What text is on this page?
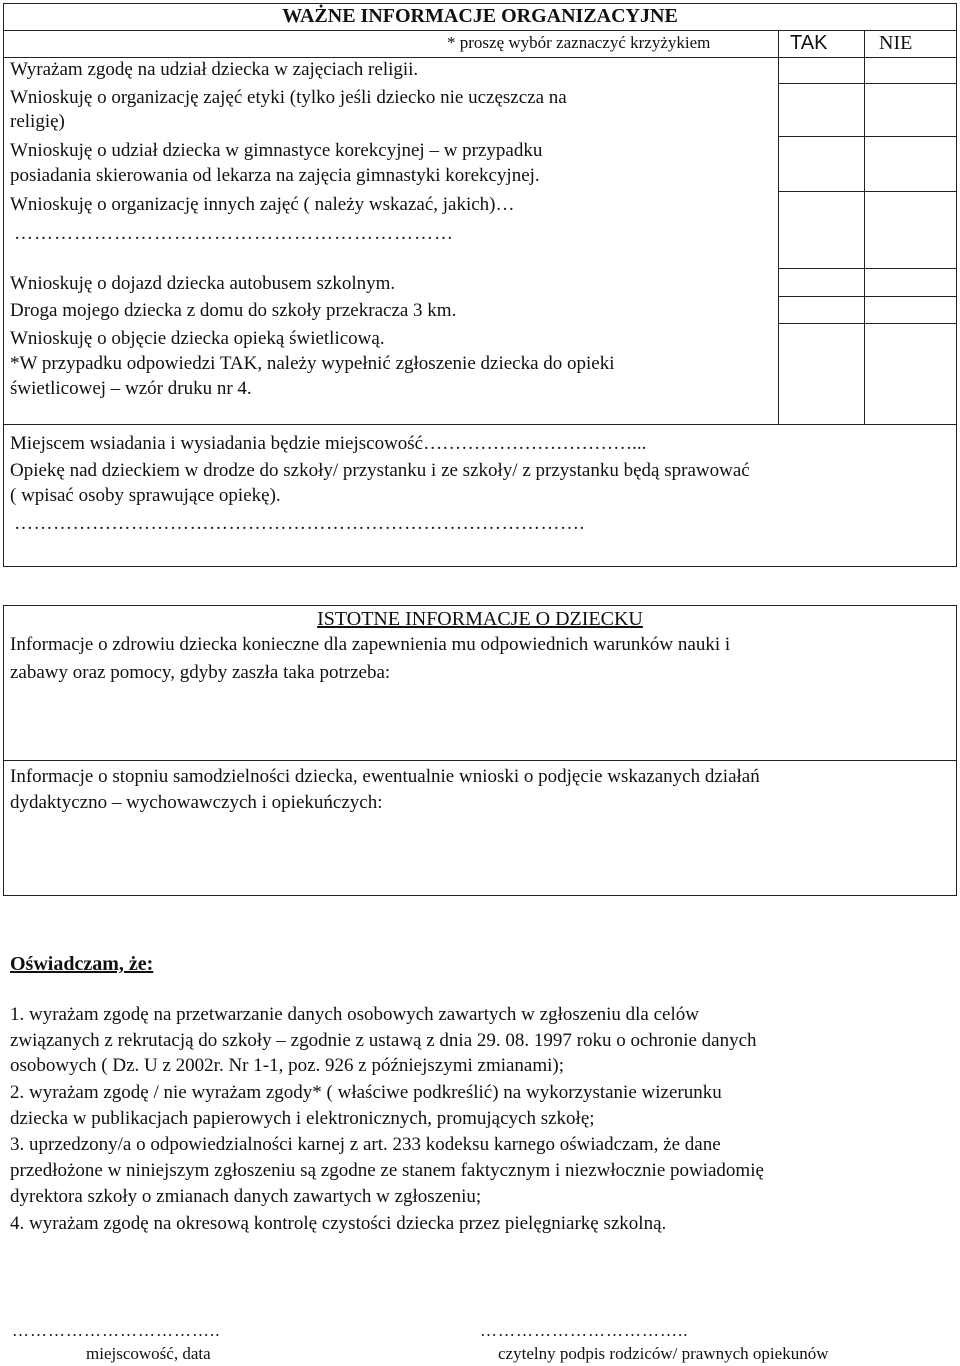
WAŻNE INFORMACJE ORGANIZACYJNE
* proszę wybór zaznaczyć krzyżykiem	TAK	NIE
Wyrażam zgodę na udział dziecka w zajęciach religii.
Wnioskuję o organizację zajęć etyki (tylko jeśli dziecko nie uczęszcza na
religię)
Wnioskuję o udział dziecka w gimnastyce korekcyjnej – w przypadku
posiadania skierowania od lekarza na zajęcia gimnastyki korekcyjnej.
Wnioskuję o organizację innych zajęć ( należy wskazać, jakich)…
…………………………………………………………
Wnioskuję o dojazd dziecka autobusem szkolnym.
Droga mojego dziecka z domu do szkoły przekracza 3 km.
Wnioskuję o objęcie dziecka opieką świetlicową.
*W przypadku odpowiedzi TAK, należy wypełnić zgłoszenie dziecka do opieki
świetlicowej – wzór druku nr 4.
Miejscem wsiadania i wysiadania będzie miejscowość……………………………...
Opiekę nad dzieckiem w drodze do szkoły/ przystanku i ze szkoły/ z przystanku będą sprawować
( wpisać osoby sprawujące opiekę).
…………………………………………………………………………….
ISTOTNE INFORMACJE O DZIECKU
Informacje o zdrowiu dziecka konieczne dla zapewnienia mu odpowiednich warunków nauki i
zabawy oraz pomocy, gdyby zaszła taka potrzeba:
Informacje o stopniu samodzielności dziecka, ewentualnie wnioski o podjęcie wskazanych działań
dydaktyczno – wychowawczych i opiekuńczych:
Oświadczam, że:
1. wyrażam zgodę na przetwarzanie danych osobowych zawartych w zgłoszeniu dla celów
związanych z rekrutacją do szkoły – zgodnie z ustawą z dnia 29. 08. 1997 roku o ochronie danych
osobowych ( Dz. U z 2002r. Nr 1-1, poz. 926 z późniejszymi zmianami);
2. wyrażam zgodę / nie wyrażam zgody* ( właściwe podkreślić) na wykorzystanie wizerunku
dziecka w publikacjach papierowych i elektronicznych, promujących szkołę;
3. uprzedzony/a o odpowiedzialności karnej z art. 233 kodeksu karnego oświadczam, że dane
przedłożone w niniejszym zgłoszeniu są zgodne ze stanem faktycznym i niezwłocznie powiadomię
dyrektora szkoły o zmianach danych zawartych w zgłoszeniu;
4. wyrażam zgodę na okresową kontrolę czystości dziecka przez pielęgniarkę szkolną.
……………………………..
miejscowość, data
……………………………..
czytelny podpis rodziców/ prawnych opiekunów
